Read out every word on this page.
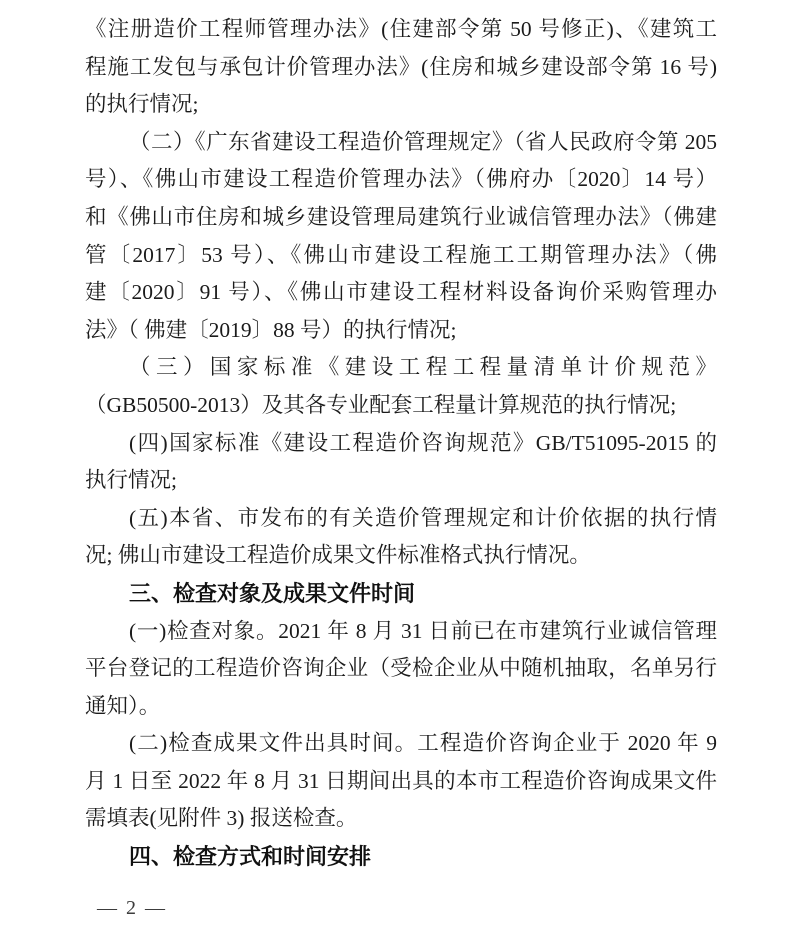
《注册造价工程师管理办法》(住建部令第 50 号修正)、《建筑工
程施工发包与承包计价管理办法》(住房和城乡建设部令第 16 号)
的执行情况;
（二）《广东省建设工程造价管理规定》（省人民政府令第 205
号）、《佛山市建设工程造价管理办法》（佛府办〔2020〕14 号）
和《佛山市住房和城乡建设管理局建筑行业诚信管理办法》（佛建
管〔2017〕53 号）、《佛山市建设工程施工工期管理办法》（佛
建〔2020〕91 号）、《佛山市建设工程材料设备询价采购管理办
法》（ 佛建〔2019〕88 号）的执行情况;
（三）国家标准《建设工程工程量清单计价规范》
（GB50500-2013）及其各专业配套工程量计算规范的执行情况;
(四)国家标准《建设工程造价咨询规范》GB/T51095-2015 的
执行情况;
(五)本省、市发布的有关造价管理规定和计价依据的执行情
况; 佛山市建设工程造价成果文件标准格式执行情况。
三、检查对象及成果文件时间
(一)检查对象。2021 年 8 月 31 日前已在市建筑行业诚信管理
平台登记的工程造价咨询企业（受检企业从中随机抽取，名单另行
通知）。
(二)检查成果文件出具时间。工程造价咨询企业于 2020 年 9
月 1 日至 2022 年 8 月 31 日期间出具的本市工程造价咨询成果文件
需填表(见附件 3) 报送检查。
四、检查方式和时间安排
— 2 —
